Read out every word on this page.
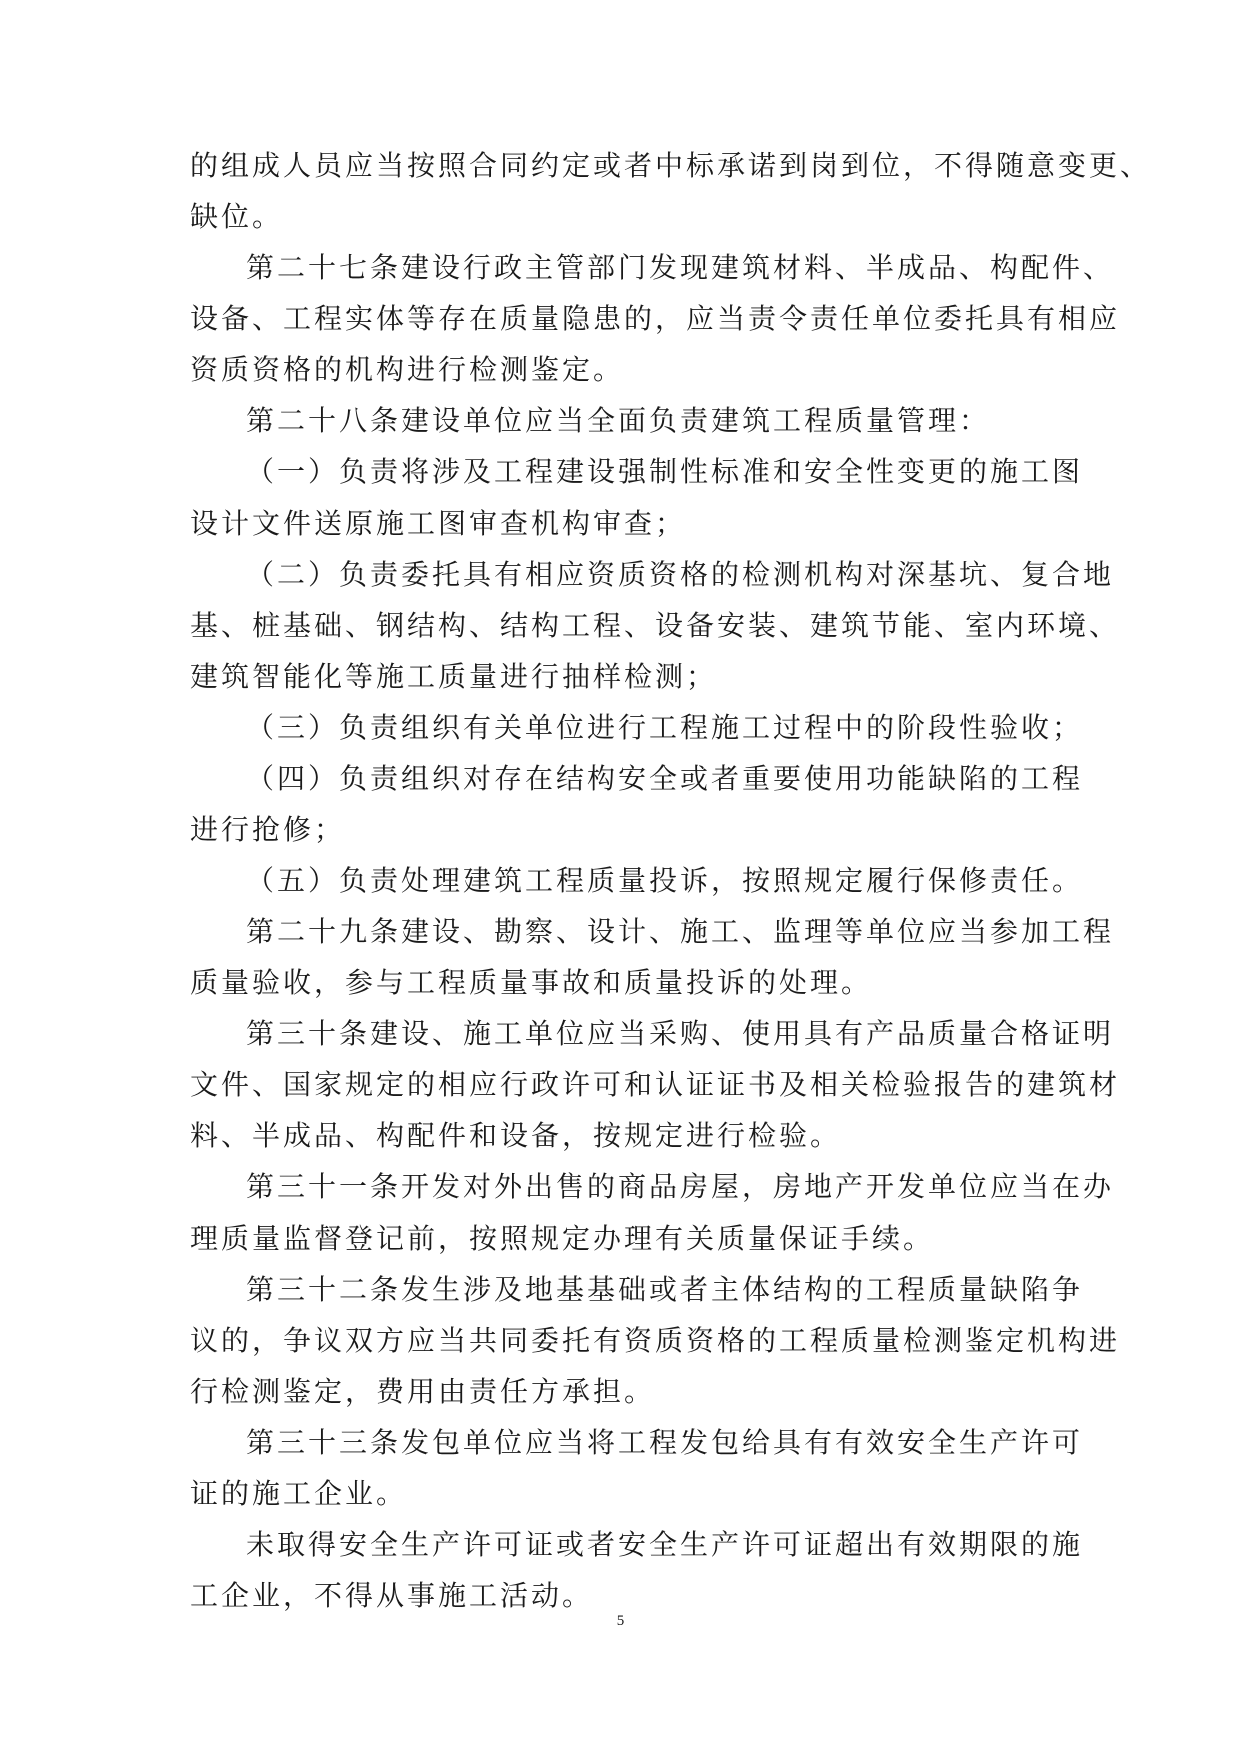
的组成人员应当按照合同约定或者中标承诺到岗到位，不得随意变更、
缺位。
第二十七条建设行政主管部门发现建筑材料、半成品、构配件、
设备、工程实体等存在质量隐患的，应当责令责任单位委托具有相应
资质资格的机构进行检测鉴定。
第二十八条建设单位应当全面负责建筑工程质量管理：
（一）负责将涉及工程建设强制性标准和安全性变更的施工图
设计文件送原施工图审查机构审查；
（二）负责委托具有相应资质资格的检测机构对深基坑、复合地
基、桩基础、钢结构、结构工程、设备安装、建筑节能、室内环境、
建筑智能化等施工质量进行抽样检测；
（三）负责组织有关单位进行工程施工过程中的阶段性验收；
（四）负责组织对存在结构安全或者重要使用功能缺陷的工程
进行抢修；
（五）负责处理建筑工程质量投诉，按照规定履行保修责任。
第二十九条建设、勘察、设计、施工、监理等单位应当参加工程
质量验收，参与工程质量事故和质量投诉的处理。
第三十条建设、施工单位应当采购、使用具有产品质量合格证明
文件、国家规定的相应行政许可和认证证书及相关检验报告的建筑材
料、半成品、构配件和设备，按规定进行检验。
第三十一条开发对外出售的商品房屋，房地产开发单位应当在办
理质量监督登记前，按照规定办理有关质量保证手续。
第三十二条发生涉及地基基础或者主体结构的工程质量缺陷争
议的，争议双方应当共同委托有资质资格的工程质量检测鉴定机构进
行检测鉴定，费用由责任方承担。
第三十三条发包单位应当将工程发包给具有有效安全生产许可
证的施工企业。
未取得安全生产许可证或者安全生产许可证超出有效期限的施
工企业，不得从事施工活动。
5
